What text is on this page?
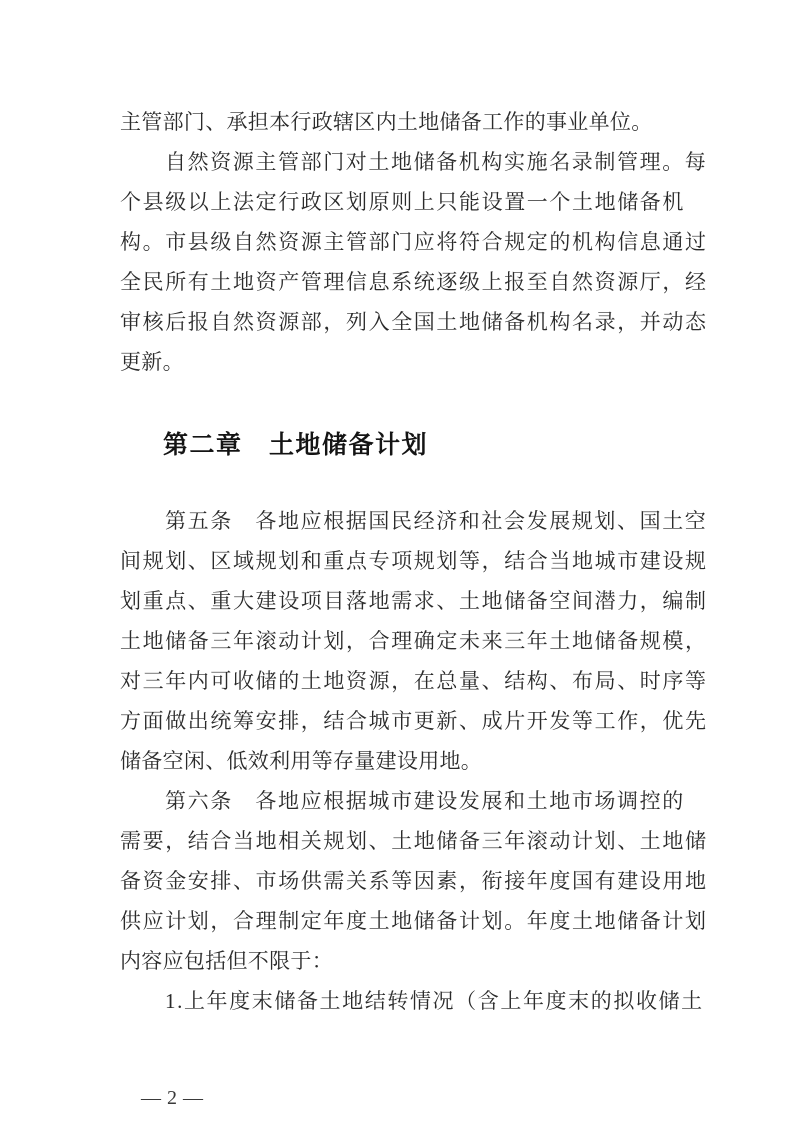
主管部门、承担本行政辖区内土地储备工作的事业单位。
自然资源主管部门对土地储备机构实施名录制管理。每
个县级以上法定行政区划原则上只能设置一个土地储备机
构。市县级自然资源主管部门应将符合规定的机构信息通过
全民所有土地资产管理信息系统逐级上报至自然资源厅，经
审核后报自然资源部，列入全国土地储备机构名录，并动态
更新。
第二章　土地储备计划
第五条　各地应根据国民经济和社会发展规划、国土空
间规划、区域规划和重点专项规划等，结合当地城市建设规
划重点、重大建设项目落地需求、土地储备空间潜力，编制
土地储备三年滚动计划，合理确定未来三年土地储备规模，
对三年内可收储的土地资源，在总量、结构、布局、时序等
方面做出统筹安排，结合城市更新、成片开发等工作，优先
储备空闲、低效利用等存量建设用地。
第六条　各地应根据城市建设发展和土地市场调控的
需要，结合当地相关规划、土地储备三年滚动计划、土地储
备资金安排、市场供需关系等因素，衔接年度国有建设用地
供应计划，合理制定年度土地储备计划。年度土地储备计划
内容应包括但不限于：
1.上年度末储备土地结转情况（含上年度末的拟收储土

— 2 —
